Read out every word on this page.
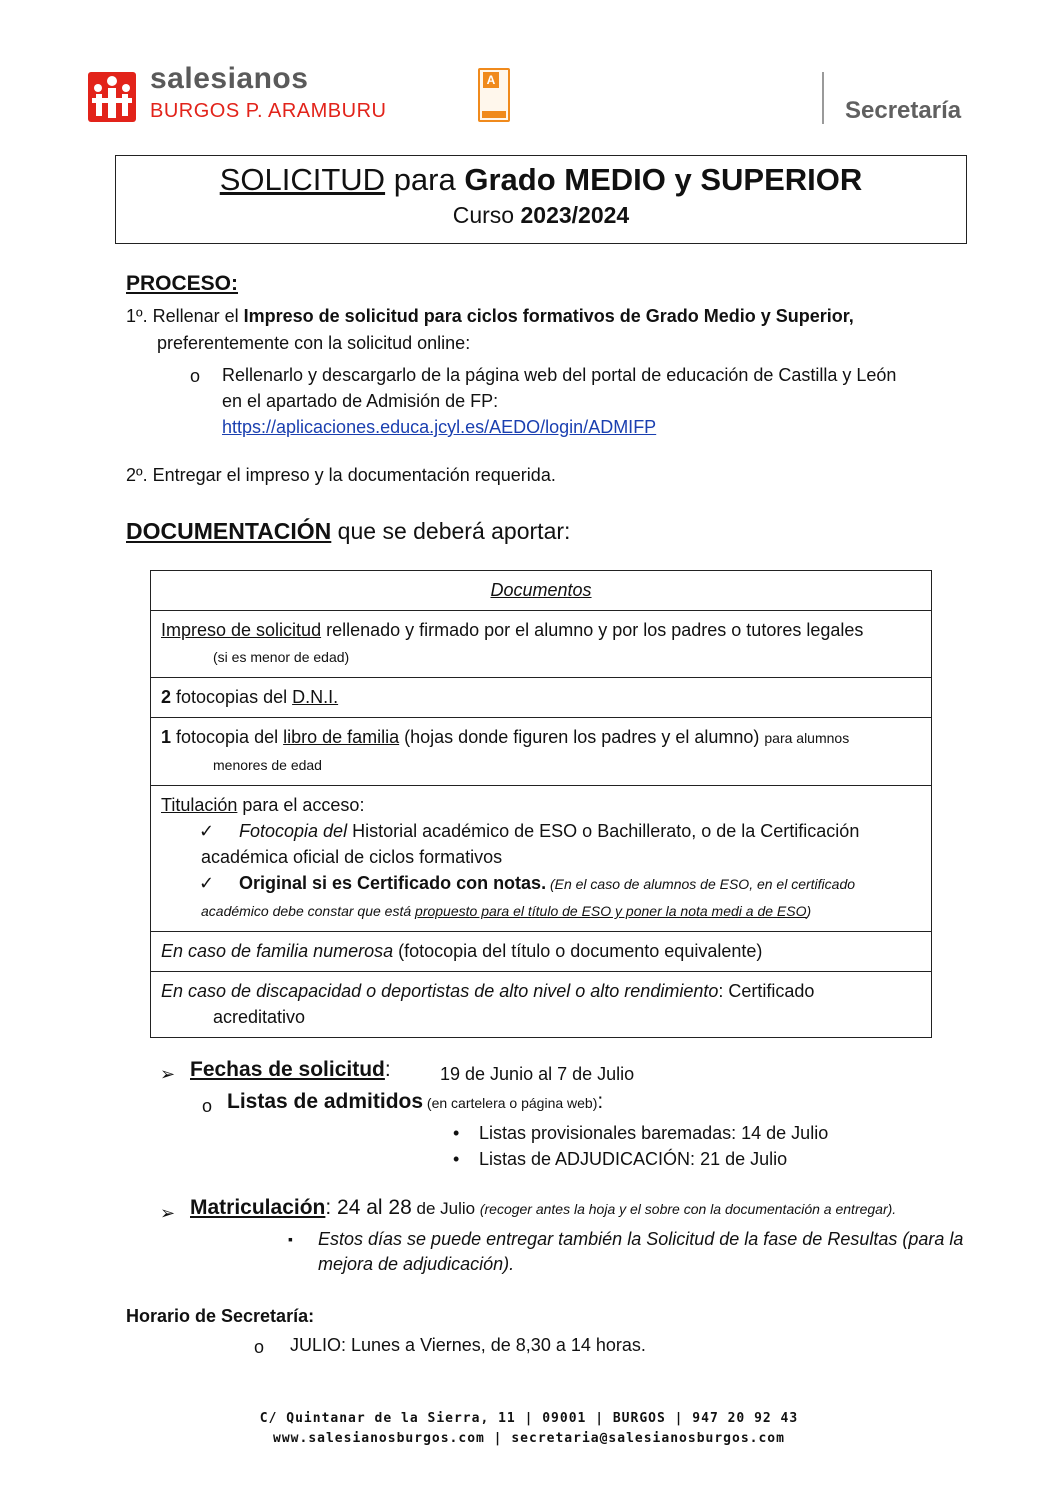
salesianos
BURGOS P. ARAMBURU
A
Secretaría
SOLICITUD para Grado MEDIO y SUPERIOR
Curso 2023/2024
PROCESO:
1º. Rellenar el Impreso de solicitud para ciclos formativos de Grado Medio y Superior,
preferentemente con la solicitud online:
o Rellenarlo y descargarlo de la página web del portal de educación de Castilla y León
en el apartado de Admisión de FP:
https://aplicaciones.educa.jcyl.es/AEDO/login/ADMIFP
2º. Entregar el impreso y la documentación requerida.
DOCUMENTACIÓN que se deberá aportar:
Documentos
Impreso de solicitud rellenado y firmado por el alumno y por los padres o tutores legales
(si es menor de edad)
2 fotocopias del D.N.I.
1 fotocopia del libro de familia (hojas donde figuren los padres y el alumno) para alumnos
menores de edad
Titulación para el acceso:
✓ Fotocopia del Historial académico de ESO o Bachillerato, o de la Certificación
académica oficial de ciclos formativos
✓ Original si es Certificado con notas. (En el caso de alumnos de ESO, en el certificado
académico debe constar que está propuesto para el título de ESO y poner la nota medi a de ESO)
En caso de familia numerosa (fotocopia del título o documento equivalente)
En caso de discapacidad o deportistas de alto nivel o alto rendimiento: Certificado
acreditativo
➢ Fechas de solicitud:	19 de Junio al 7 de Julio
o Listas de admitidos (en cartelera o página web):
• Listas provisionales baremadas: 14 de Julio
• Listas de ADJUDICACIÓN: 21 de Julio
➢ Matriculación: 24 al 28 de Julio (recoger antes la hoja y el sobre con la documentación a entregar).
▪ Estos días se puede entregar también la Solicitud de la fase de Resultas (para la
mejora de adjudicación).
Horario de Secretaría:
o JULIO: Lunes a Viernes, de 8,30 a 14 horas.
C/ Quintanar de la Sierra, 11 | 09001 | BURGOS | 947 20 92 43
www.salesianosburgos.com | secretaria@salesianosburgos.com
